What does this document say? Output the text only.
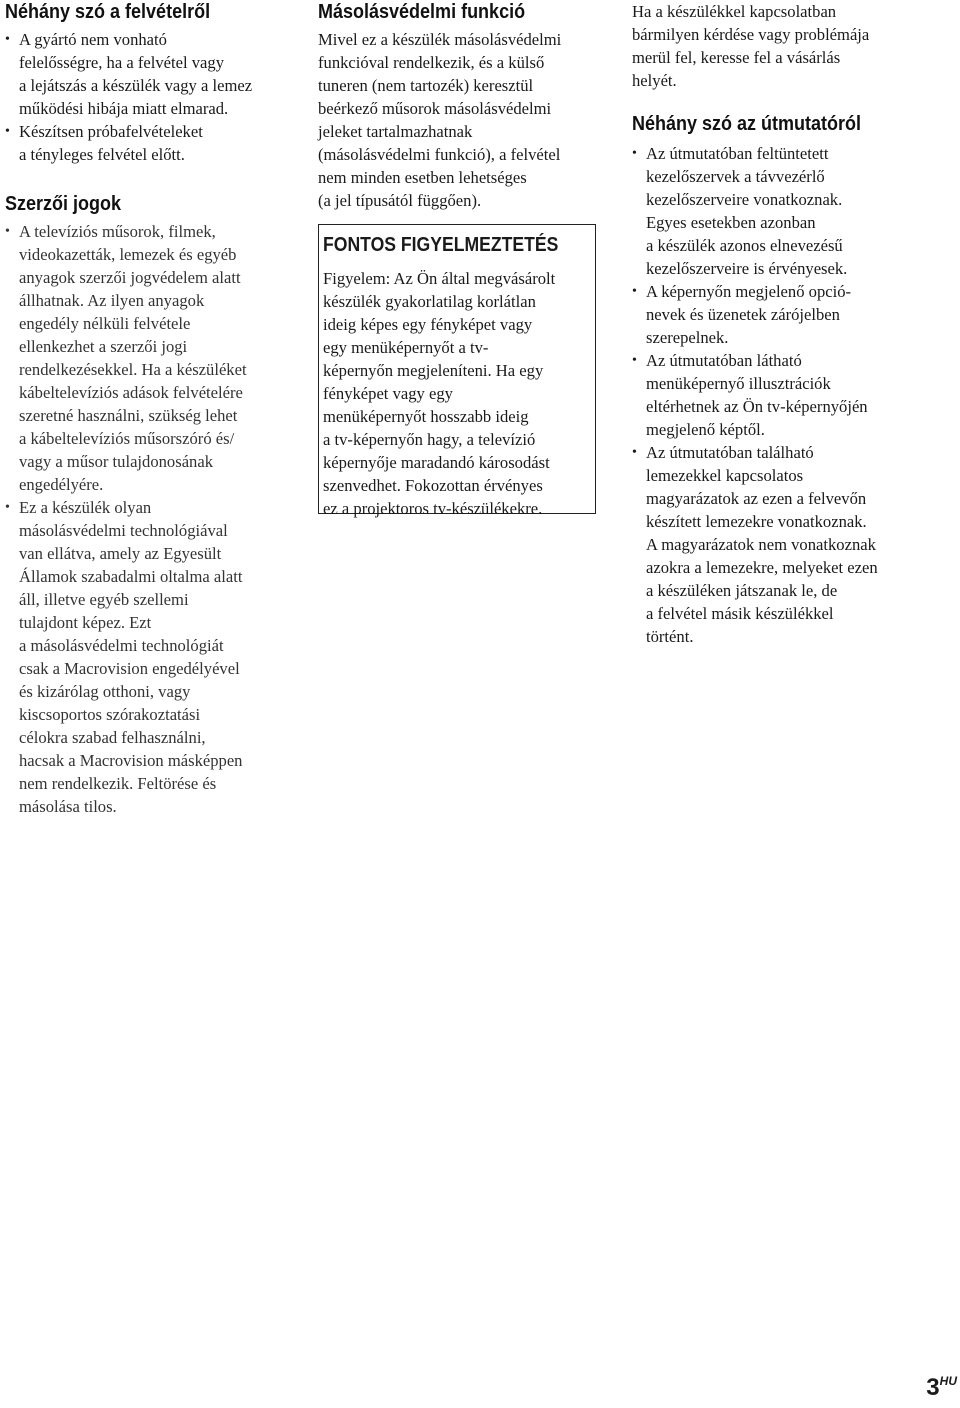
Néhány szó a felvételről
• A gyártó nem vonható
felelősségre, ha a felvétel vagy
a lejátszás a készülék vagy a lemez
működési hibája miatt elmarad.
• Készítsen próbafelvételeket
a tényleges felvétel előtt.
Szerzői jogok
• A televíziós műsorok, filmek,
videokazetták, lemezek és egyéb
anyagok szerzői jogvédelem alatt
állhatnak. Az ilyen anyagok
engedély nélküli felvétele
ellenkezhet a szerzői jogi
rendelkezésekkel. Ha a készüléket
kábeltelevíziós adások felvételére
szeretné használni, szükség lehet
a kábeltelevíziós műsorszóró és/
vagy a műsor tulajdonosának
engedélyére.
• Ez a készülék olyan
másolásvédelmi technológiával
van ellátva, amely az Egyesült
Államok szabadalmi oltalma alatt
áll, illetve egyéb szellemi
tulajdont képez. Ezt
a másolásvédelmi technológiát
csak a Macrovision engedélyével
és kizárólag otthoni, vagy
kiscsoportos szórakoztatási
célokra szabad felhasználni,
hacsak a Macrovision másképpen
nem rendelkezik. Feltörése és
másolása tilos.
Másolásvédelmi funkció

Mivel ez a készülék másolásvédelmi
funkcióval rendelkezik, és a külső
tuneren (nem tartozék) keresztül
beérkező műsorok másolásvédelmi
jeleket tartalmazhatnak
(másolásvédelmi funkció), a felvétel
nem minden esetben lehetséges
(a jel típusától függően).

FONTOS FIGYELMEZTETÉS

Figyelem: Az Ön által megvásárolt
készülék gyakorlatilag korlátlan
ideig képes egy fényképet vagy
egy menüképernyőt a tv-
képernyőn megjeleníteni. Ha egy
fényképet vagy egy
menüképernyőt hosszabb ideig
a tv-képernyőn hagy, a televízió
képernyője maradandó károsodást
szenvedhet. Fokozottan érvényes
ez a projektoros tv-készülékekre.

Ha a készülékkel kapcsolatban
bármilyen kérdése vagy problémája
merül fel, keresse fel a vásárlás
helyét.

Néhány szó az útmutatóról
• Az útmutatóban feltüntetett
kezelőszervek a távvezérlő
kezelőszerveire vonatkoznak.
Egyes esetekben azonban
a készülék azonos elnevezésű
kezelőszerveire is érvényesek.
• A képernyőn megjelenő opció-
nevek és üzenetek zárójelben
szerepelnek.
• Az útmutatóban látható
menüképernyő illusztrációk
eltérhetnek az Ön tv-képernyőjén
megjelenő képtől.
• Az útmutatóban található
lemezekkel kapcsolatos
magyarázatok az ezen a felvevőn
készített lemezekre vonatkoznak.
A magyarázatok nem vonatkoznak
azokra a lemezekre, melyeket ezen
a készüléken játszanak le, de
a felvétel másik készülékkel
történt.
$3^{HU}$
